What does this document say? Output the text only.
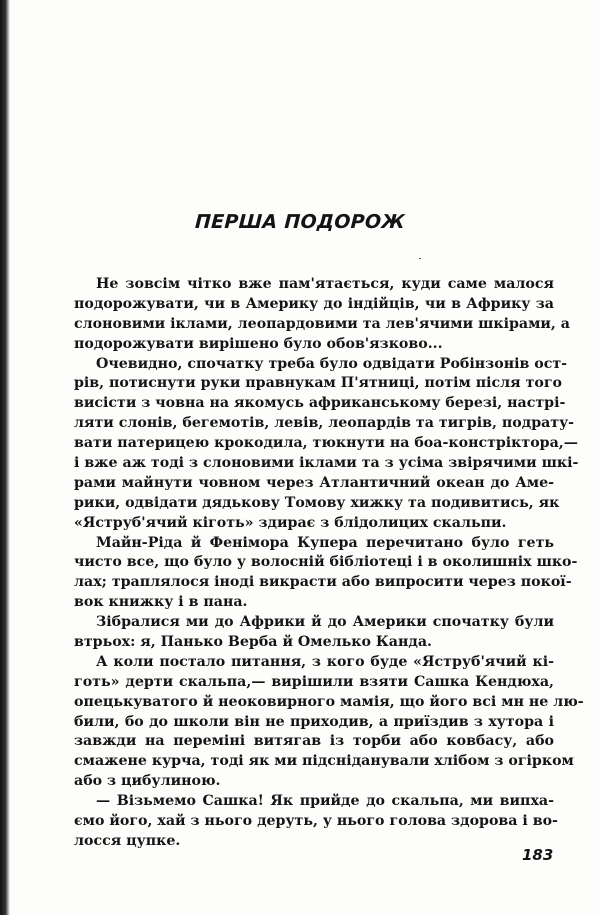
ПЕРША ПОДОРОЖ

Не зовсім чітко вже пам'ятається, куди саме малося
подорожувати, чи в Америку до індійців, чи в Африку за
слоновими іклами, леопардовими та лев'ячими шкірами, а
подорожувати вирішено було обов'язково...

Очевидно, спочатку треба було одвідати Робінзонів ост-
рів, потиснути руки правнукам П'ятниці, потім після того
висісти з човна на якомусь африканському березі, настрі-
ляти слонів, бегемотів, левів, леопардів та тигрів, подрату-
вати патерицею крокодила, тюкнути на боа-констріктора,—
і вже аж тоді з слоновими іклами та з усіма звірячими шкі-
рами майнути човном через Атлантичний океан до Аме-
рики, одвідати дядькову Томову хижку та подивитись, як
«Яструб'ячий кіготь» здирає з блідолицих скальпи.

Майн-Ріда й Фенімора Купера перечитано було геть
чисто все, що було у волосній бібліотеці і в околишніх шко-
лах; траплялося іноді викрасти або випросити через покої-
вок книжку і в пана.

Зібралися ми до Африки й до Америки спочатку були
втрьох: я, Панько Верба й Омелько Канда.

А коли постало питання, з кого буде «Яструб'ячий кі-
готь» дерти скальпа,— вирішили взяти Сашка Кендюха,
опецькуватого й неоковирного мамія, що його всі мн не лю-
били, бо до школи він не приходив, а приїздив з хутора і
завжди на переміні витягав із торби або ковбасу, або
смажене курча, тоді як ми підсніданували хлібом з огірком
або з цибулиною.

— Візьмемо Сашка! Як прийде до скальпа, ми випха-
ємо його, хай з нього деруть, у нього голова здорова і во-
лосся цупке.

183
